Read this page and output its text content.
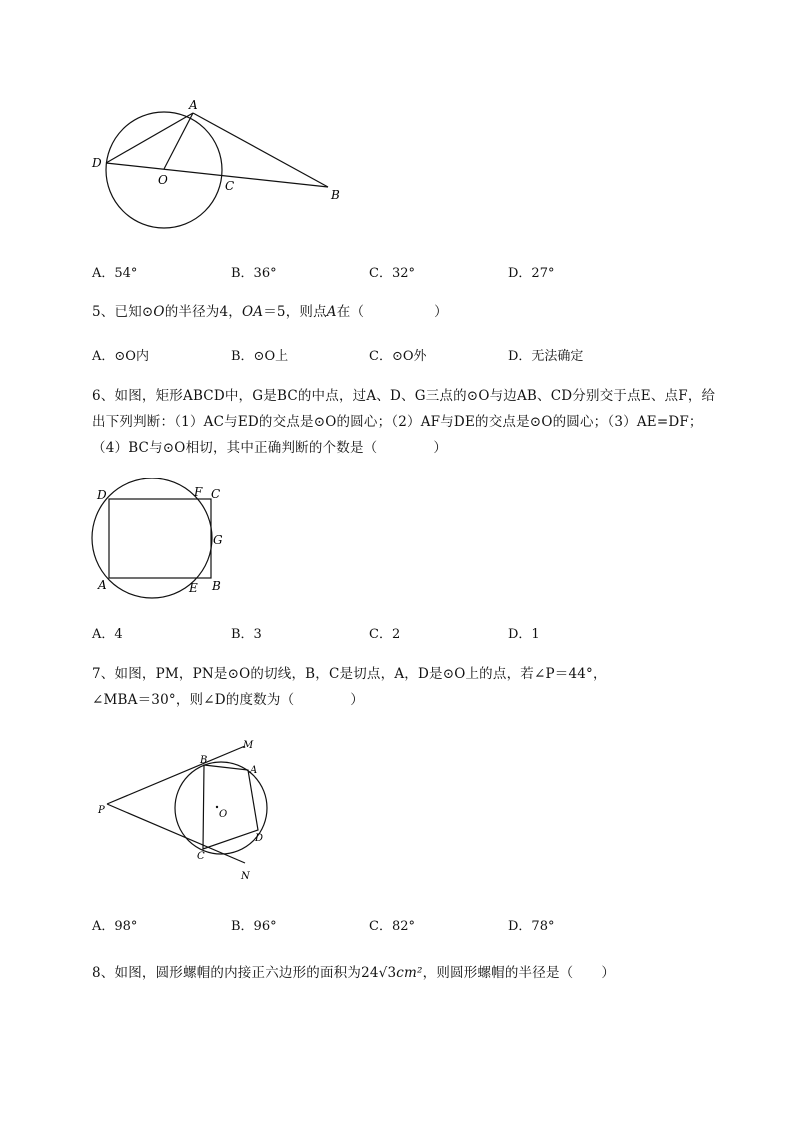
A
D
O	C
B
A．54°	B．36°	C．32°	D．27°
5、已知⊙O的半径为4，OA＝5，则点A在（	）
A．⊙O内	B．⊙O上	C．⊙O外	D．无法确定
6、如图，矩形ABCD中，G是BC的中点，过A、D、G三点的⊙O与边AB、CD分别交于点E、点F，给
出下列判断：（1）AC与ED的交点是⊙O的圆心；（2）AF与DE的交点是⊙O的圆心；（3）AE=DF；
（4）BC与⊙O相切，其中正确判断的个数是（	）
D	F C
G
A	E B
A．4	B．3	C．2	D．1
7、如图，PM，PN是⊙O的切线，B，C是切点，A，D是⊙O上的点，若∠P＝44°，
∠MBA＝30°，则∠D的度数为（	）
B
M
A
P	O
D
C
N
A．98°	B．96°	C．82°	D．78°
8、如图，圆形螺帽的内接正六边形的面积为24√3cm²，则圆形螺帽的半径是（ ）
